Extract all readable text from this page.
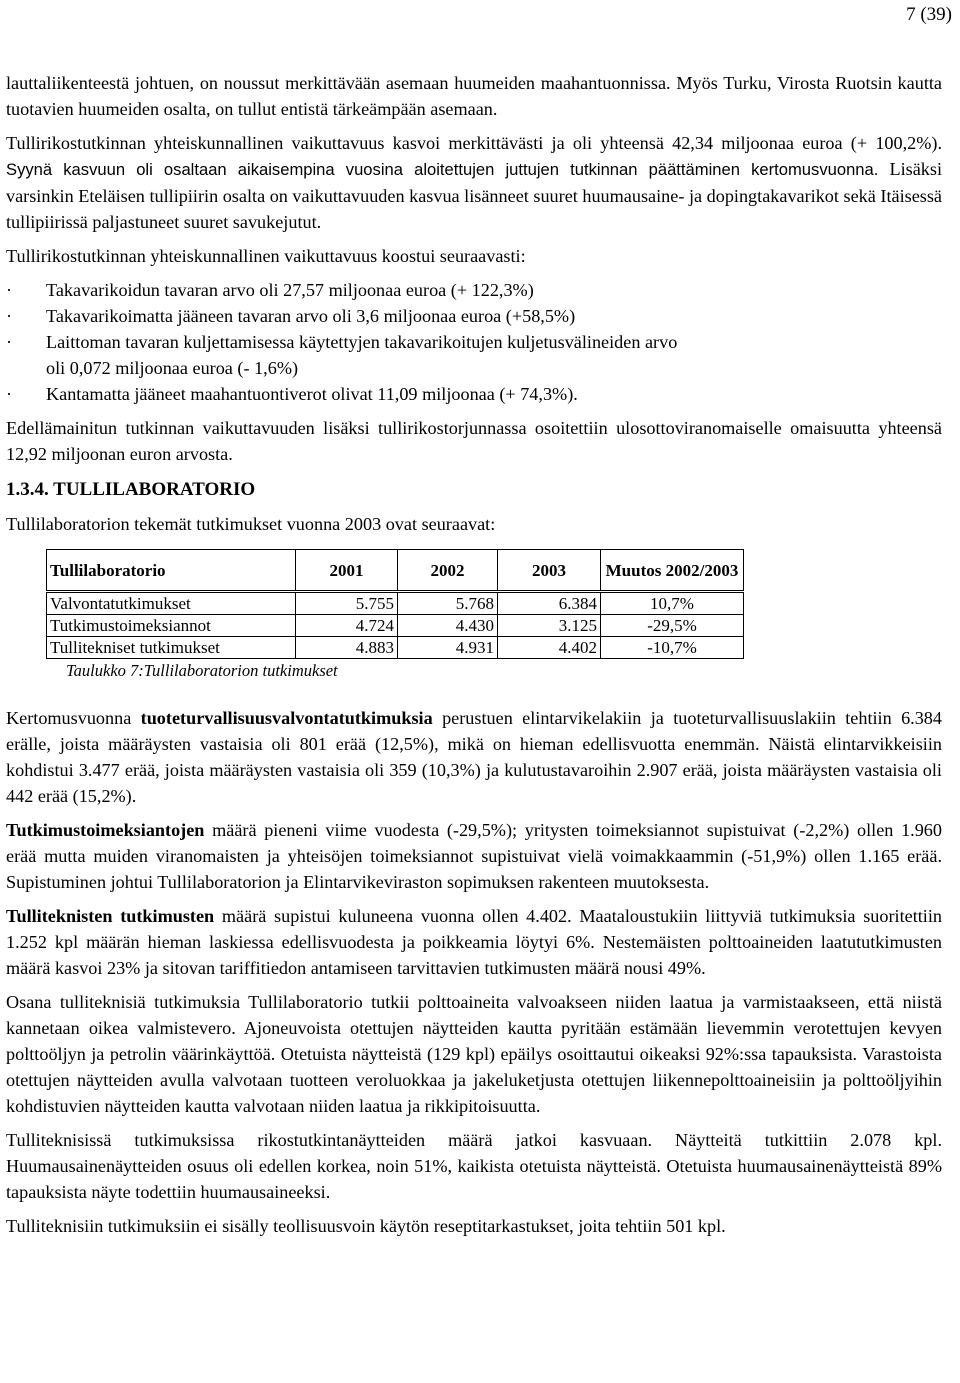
7 (39)

lauttaliikenteestä johtuen, on noussut merkittävään asemaan huumeiden maahantuonnissa. Myös Turku, Virosta Ruotsin kautta tuotavien huumeiden osalta, on tullut entistä tärkeämpään asemaan.

Tullirikostutkinnan yhteiskunnallinen vaikuttavuus kasvoi merkittävästi ja oli yhteensä 42,34 miljoonaa euroa (+ 100,2%). Syynä kasvuun oli osaltaan aikaisempina vuosina aloitettujen juttujen tutkinnan päättäminen kertomusvuonna. Lisäksi varsinkin Eteläisen tullipiirin osalta on vaikuttavuuden kasvua lisänneet suuret huumausaine- ja dopingtakavarikot sekä Itäisessä tullipiirissä paljastuneet suuret savukejutut.

Tullirikostutkinnan yhteiskunnallinen vaikuttavuus koostui seuraavasti:

· Takavarikoidun tavaran arvo oli 27,57 miljoonaa euroa (+ 122,3%)
· Takavarikoimatta jääneen tavaran arvo oli 3,6 miljoonaa euroa (+58,5%)
· Laittoman tavaran kuljettamisessa käytettyjen takavarikoitujen kuljetusvälineiden arvo oli 0,072 miljoonaa euroa (- 1,6%)
· Kantamatta jääneet maahantuontiverot olivat 11,09 miljoonaa (+ 74,3%).

Edellämainitun tutkinnan vaikuttavuuden lisäksi tullirikostorjunnassa osoitettiin ulosottoviranomaiselle omaisuutta yhteensä 12,92 miljoonan euron arvosta.

1.3.4. TULLILABORATORIO

Tullilaboratorion tekemät tutkimukset vuonna 2003 ovat seuraavat:

Tullilaboratorio	2001	2002	2003	Muutos 2002/2003
Valvontatutkimukset	5.755	5.768	6.384	10,7%
Tutkimustoimeksiannot	4.724	4.430	3.125	-29,5%
Tullitekniset tutkimukset	4.883	4.931	4.402	-10,7%
Taulukko 7:Tullilaboratorion tutkimukset

Kertomusvuonna tuoteturvallisuusvalvontatutkimuksia perustuen elintarvikelakiin ja tuoteturvallisuuslakiin tehtiin 6.384 erälle, joista määräysten vastaisia oli 801 erää (12,5%), mikä on hieman edellisvuotta enemmän. Näistä elintarvikkeisiin kohdistui 3.477 erää, joista määräysten vastaisia oli 359 (10,3%) ja kulutustavaroihin 2.907 erää, joista määräysten vastaisia oli 442 erää (15,2%).

Tutkimustoimeksiantojen määrä pieneni viime vuodesta (-29,5%); yritysten toimeksiannot supistuivat (-2,2%) ollen 1.960 erää mutta muiden viranomaisten ja yhteisöjen toimeksiannot supistuivat vielä voimakkaammin (-51,9%) ollen 1.165 erää. Supistuminen johtui Tullilaboratorion ja Elintarvikeviraston sopimuksen rakenteen muutoksesta.

Tulliteknisten tutkimusten määrä supistui kuluneena vuonna ollen 4.402. Maataloustukiin liittyviä tutkimuksia suoritettiin 1.252 kpl määrän hieman laskiessa edellisvuodesta ja poikkeamia löytyi 6%. Nestemäisten polttoaineiden laatututkimusten määrä kasvoi 23% ja sitovan tariffitiedon antamiseen tarvittavien tutkimusten määrä nousi 49%.

Osana tulliteknisiä tutkimuksia Tullilaboratorio tutkii polttoaineita valvoakseen niiden laatua ja varmistaakseen, että niistä kannetaan oikea valmistevero. Ajoneuvoista otettujen näytteiden kautta pyritään estämään lievemmin verotettujen kevyen polttoöljyn ja petrolin väärinkäyttöä. Otetuista näytteistä (129 kpl) epäilys osoittautui oikeaksi 92%:ssa tapauksista. Varastoista otettujen näytteiden avulla valvotaan tuotteen veroluokkaa ja jakeluketjusta otettujen liikennepolttoaineisiin ja polttoöljyihin kohdistuvien näytteiden kautta valvotaan niiden laatua ja rikkipitoisuutta.

Tulliteknisissä tutkimuksissa rikostutkintanäytteiden määrä jatkoi kasvuaan. Näytteitä tutkittiin 2.078 kpl. Huumausainenäytteiden osuus oli edellen korkea, noin 51%, kaikista otetuista näytteistä. Otetuista huumausainenäytteistä 89% tapauksista näyte todettiin huumausaineeksi.

Tulliteknisiin tutkimuksiin ei sisälly teollisuusvoin käytön reseptitarkastukset, joita tehtiin 501 kpl.
